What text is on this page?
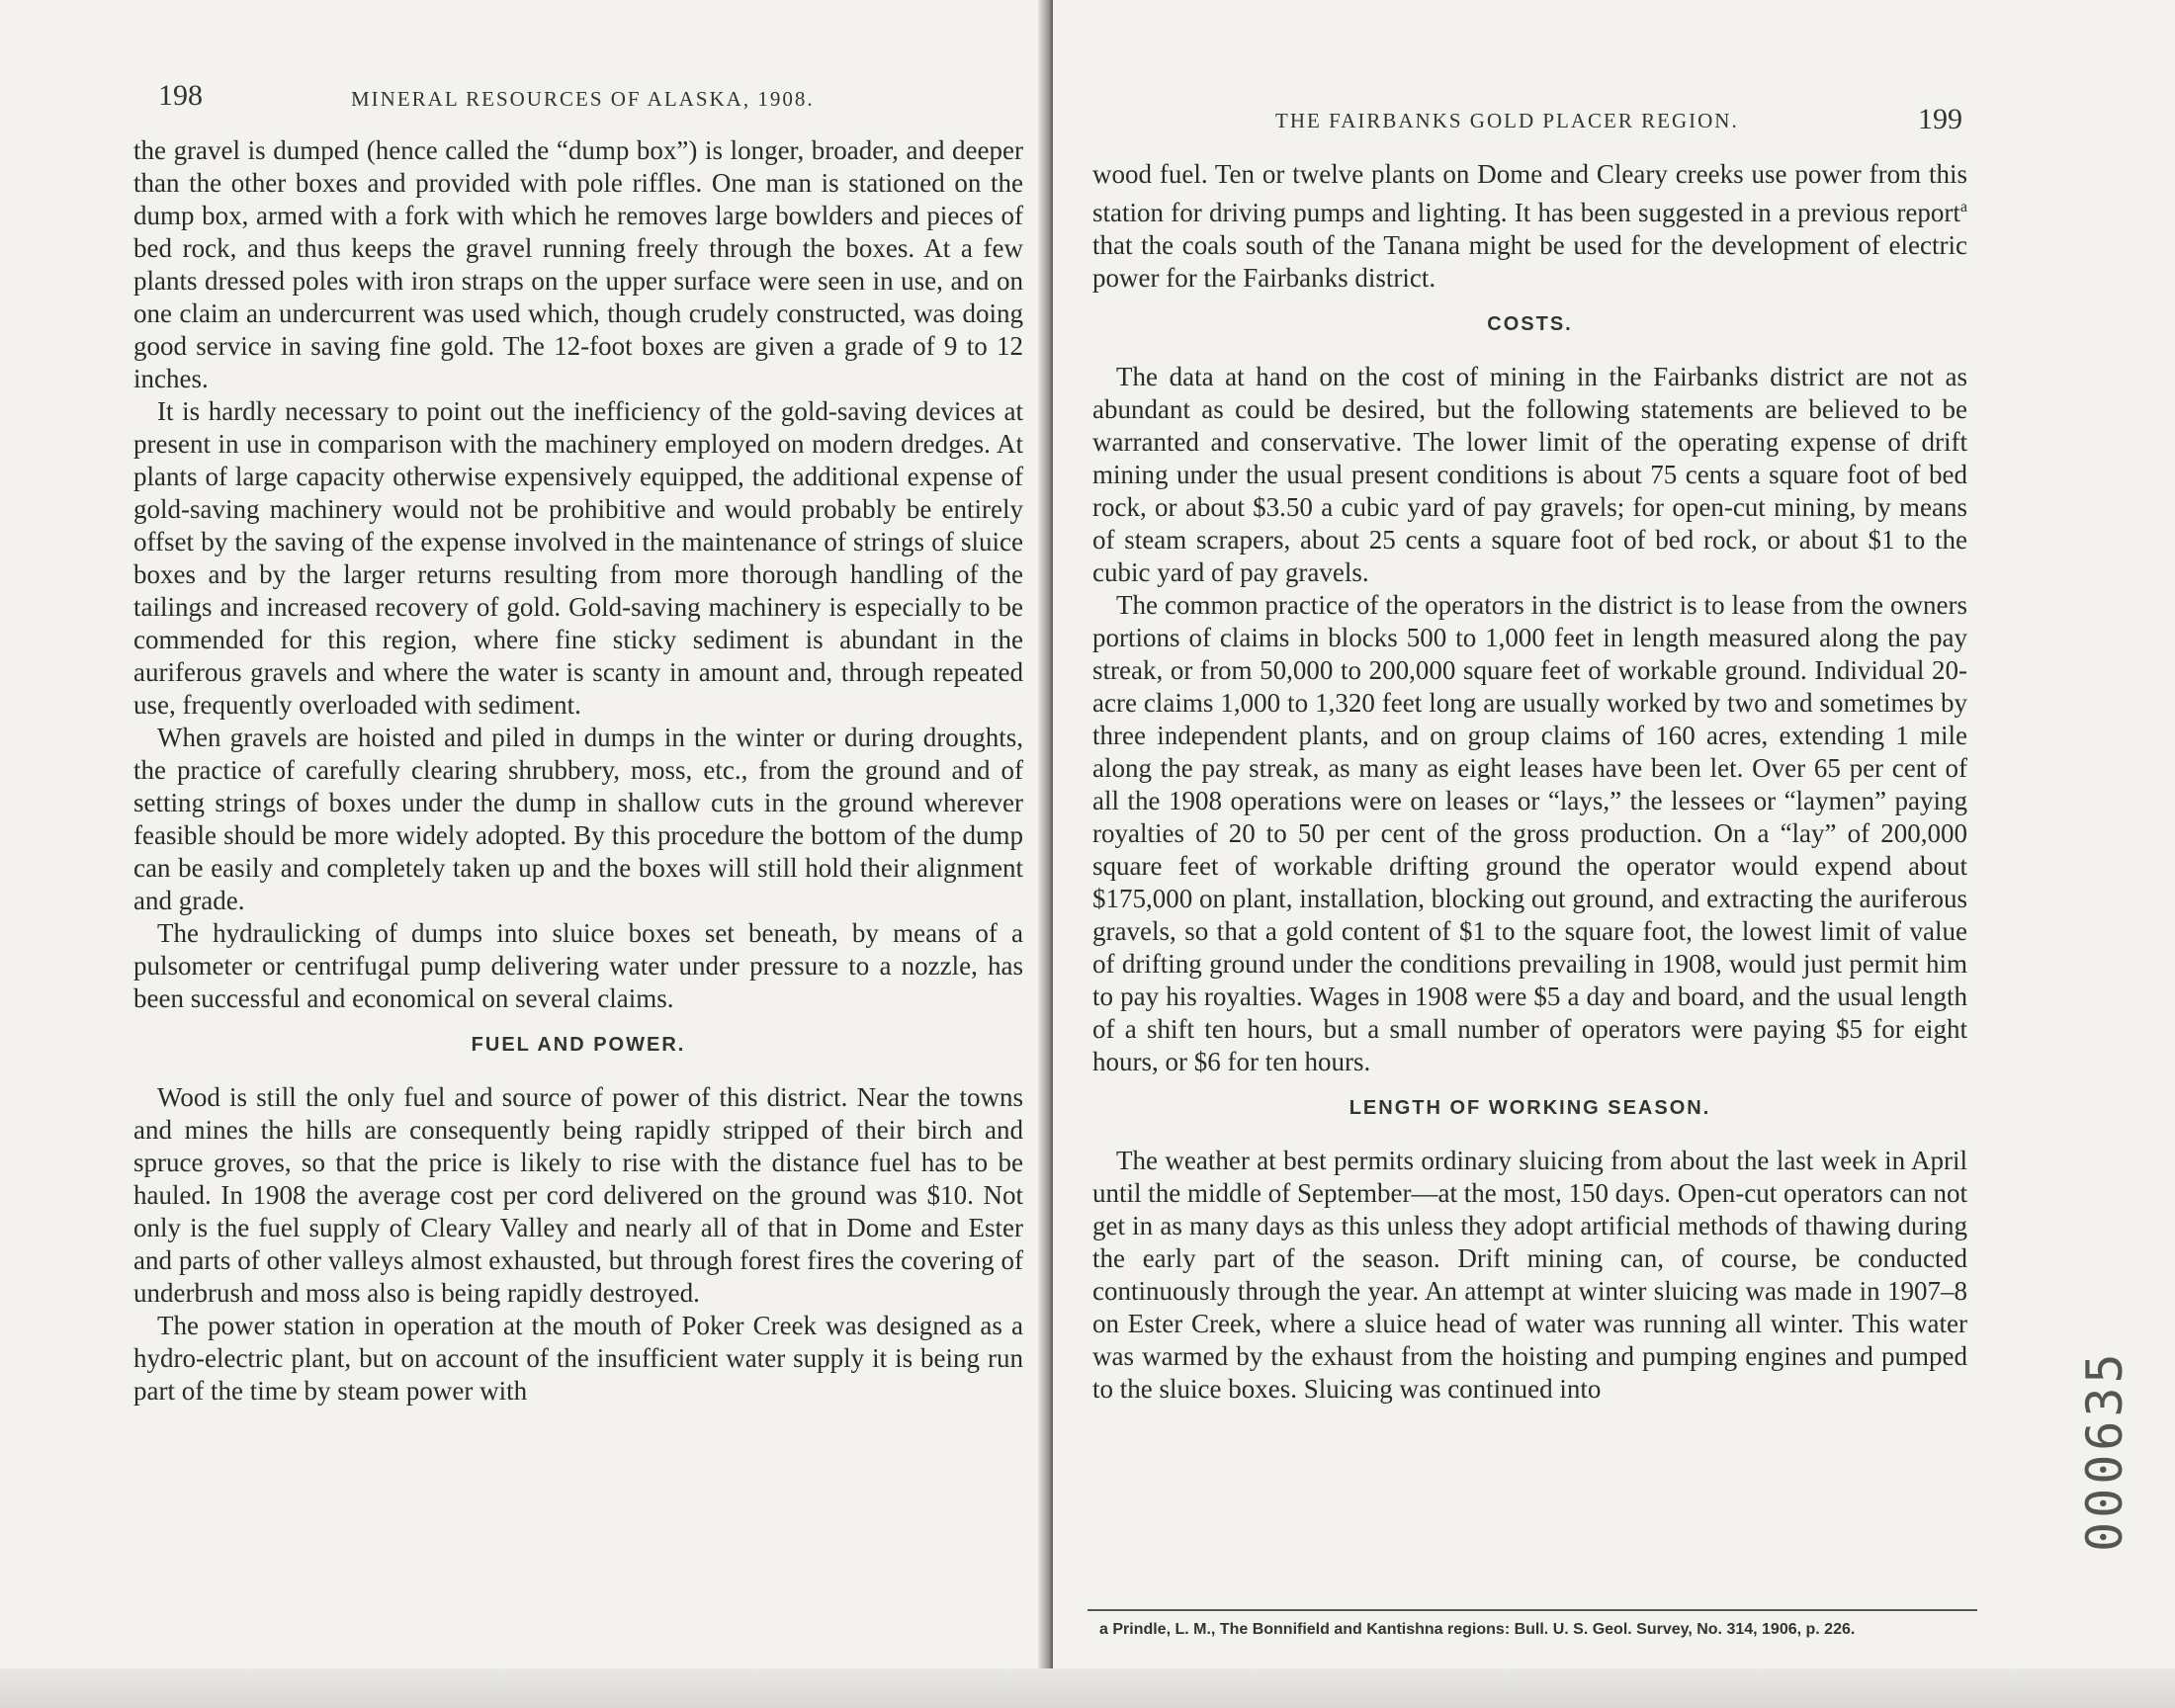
198	MINERAL RESOURCES OF ALASKA, 1908.

the gravel is dumped (hence called the “dump box”) is longer, broader, and deeper than the other boxes and provided with pole riffles. One man is stationed on the dump box, armed with a fork with which he removes large bowlders and pieces of bed rock, and thus keeps the gravel running freely through the boxes. At a few plants dressed poles with iron straps on the upper surface were seen in use, and on one claim an undercurrent was used which, though crudely constructed, was doing good service in saving fine gold. The 12-foot boxes are given a grade of 9 to 12 inches.

It is hardly necessary to point out the inefficiency of the gold-saving devices at present in use in comparison with the machinery employed on modern dredges. At plants of large capacity otherwise expensively equipped, the additional expense of gold-saving machinery would not be prohibitive and would probably be entirely offset by the saving of the expense involved in the maintenance of strings of sluice boxes and by the larger returns resulting from more thorough handling of the tailings and increased recovery of gold. Gold-saving machinery is especially to be commended for this region, where fine sticky sediment is abundant in the auriferous gravels and where the water is scanty in amount and, through repeated use, frequently overloaded with sediment.

When gravels are hoisted and piled in dumps in the winter or during droughts, the practice of carefully clearing shrubbery, moss, etc., from the ground and of setting strings of boxes under the dump in shallow cuts in the ground wherever feasible should be more widely adopted. By this procedure the bottom of the dump can be easily and completely taken up and the boxes will still hold their alignment and grade.

The hydraulicking of dumps into sluice boxes set beneath, by means of a pulsometer or centrifugal pump delivering water under pressure to a nozzle, has been successful and economical on several claims.

FUEL AND POWER.

Wood is still the only fuel and source of power of this district. Near the towns and mines the hills are consequently being rapidly stripped of their birch and spruce groves, so that the price is likely to rise with the distance fuel has to be hauled. In 1908 the average cost per cord delivered on the ground was $10. Not only is the fuel supply of Cleary Valley and nearly all of that in Dome and Ester and parts of other valleys almost exhausted, but through forest fires the covering of underbrush and moss also is being rapidly destroyed.

The power station in operation at the mouth of Poker Creek was designed as a hydro-electric plant, but on account of the insufficient water supply it is being run part of the time by steam power with

THE FAIRBANKS GOLD PLACER REGION.	199

wood fuel. Ten or twelve plants on Dome and Cleary creeks use power from this station for driving pumps and lighting. It has been suggested in a previous report$^a$ that the coals south of the Tanana might be used for the development of electric power for the Fairbanks district.

COSTS.

The data at hand on the cost of mining in the Fairbanks district are not as abundant as could be desired, but the following statements are believed to be warranted and conservative. The lower limit of the operating expense of drift mining under the usual present conditions is about 75 cents a square foot of bed rock, or about $3.50 a cubic yard of pay gravels; for open-cut mining, by means of steam scrapers, about 25 cents a square foot of bed rock, or about $1 to the cubic yard of pay gravels.

The common practice of the operators in the district is to lease from the owners portions of claims in blocks 500 to 1,000 feet in length measured along the pay streak, or from 50,000 to 200,000 square feet of workable ground. Individual 20-acre claims 1,000 to 1,320 feet long are usually worked by two and sometimes by three independent plants, and on group claims of 160 acres, extending 1 mile along the pay streak, as many as eight leases have been let. Over 65 per cent of all the 1908 operations were on leases or “lays,” the lessees or “laymen” paying royalties of 20 to 50 per cent of the gross production. On a “lay” of 200,000 square feet of workable drifting ground the operator would expend about $175,000 on plant, installation, blocking out ground, and extracting the auriferous gravels, so that a gold content of $1 to the square foot, the lowest limit of value of drifting ground under the conditions prevailing in 1908, would just permit him to pay his royalties. Wages in 1908 were $5 a day and board, and the usual length of a shift ten hours, but a small number of operators were paying $5 for eight hours, or $6 for ten hours.

LENGTH OF WORKING SEASON.

The weather at best permits ordinary sluicing from about the last week in April until the middle of September—at the most, 150 days. Open-cut operators can not get in as many days as this unless they adopt artificial methods of thawing during the early part of the season. Drift mining can, of course, be conducted continuously through the year. An attempt at winter sluicing was made in 1907–8 on Ester Creek, where a sluice head of water was running all winter. This water was warmed by the exhaust from the hoisting and pumping engines and pumped to the sluice boxes. Sluicing was continued into

a Prindle, L. M., The Bonnifield and Kantishna regions: Bull. U. S. Geol. Survey, No. 314, 1906, p. 226.
000635
